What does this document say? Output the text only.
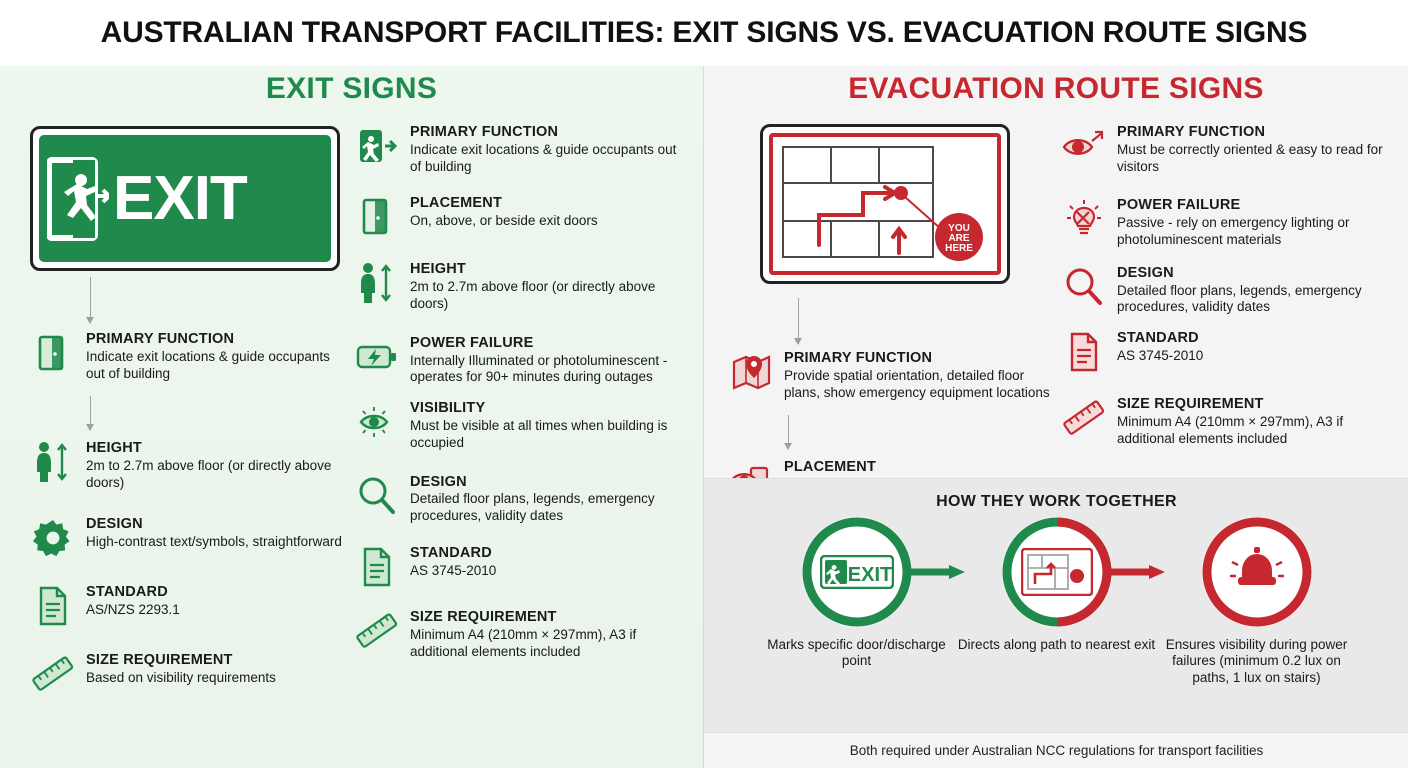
AUSTRALIAN TRANSPORT FACILITIES: EXIT SIGNS VS. EVACUATION ROUTE SIGNS
EXIT SIGNS
EXIT
PRIMARY FUNCTION
Indicate exit locations & guide occupants out of building
HEIGHT
2m to 2.7m above floor (or directly above doors)
DESIGN
High-contrast text/symbols, straightforward
STANDARD
AS/NZS 2293.1
SIZE REQUIREMENT
Based on visibility requirements
PRIMARY FUNCTION
Indicate exit locations & guide occupants out of building
PLACEMENT
On, above, or beside exit doors
HEIGHT
2m to 2.7m above floor (or directly above doors)
POWER FAILURE
Internally Illuminated or photoluminescent - operates for 90+ minutes during outages
VISIBILITY
Must be visible at all times when building is occupied
DESIGN
Detailed floor plans, legends, emergency procedures, validity dates
STANDARD
AS 3745-2010
SIZE REQUIREMENT
Minimum A4 (210mm × 297mm), A3 if additional elements included
EVACUATION ROUTE SIGNS
YOU
ARE
HERE
PRIMARY FUNCTION
Provide spatial orientation, detailed floor plans, show emergency equipment locations
PLACEMENT
PRIMARY FUNCTION
Must be correctly oriented & easy to read for visitors
POWER FAILURE
Passive - rely on emergency lighting or photoluminescent materials
DESIGN
Detailed floor plans, legends, emergency procedures, validity dates
STANDARD
AS 3745-2010
SIZE REQUIREMENT
Minimum A4 (210mm × 297mm), A3 if additional elements included
HOW THEY WORK TOGETHER
EXIT
Marks specific door/discharge point
Directs along path to nearest exit Ensures visibility during power failures (minimum 0.2 lux on paths, 1 lux on stairs)
Both required under Australian NCC regulations for transport facilities
